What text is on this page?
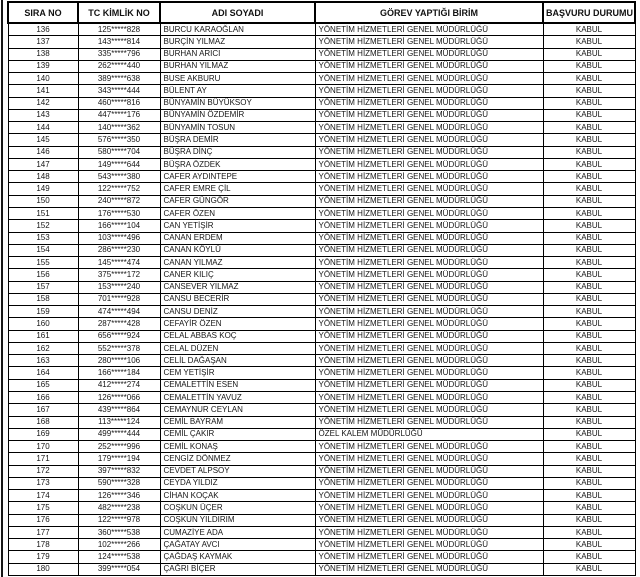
SIRA NO	TC KİMLİK NO	ADI SOYADI	GÖREV YAPTIĞI BİRİM	BAŞVURU DURUMU
136	125*****828	BURCU KARAOĞLAN	YÖNETİM HİZMETLERİ GENEL MÜDÜRLÜĞÜ	KABUL
137	143*****814	BURÇİN YILMAZ	YÖNETİM HİZMETLERİ GENEL MÜDÜRLÜĞÜ	KABUL
138	335*****796	BURHAN ARICI	YÖNETİM HİZMETLERİ GENEL MÜDÜRLÜĞÜ	KABUL
139	262*****440	BURHAN YILMAZ	YÖNETİM HİZMETLERİ GENEL MÜDÜRLÜĞÜ	KABUL
140	389*****638	BUSE AKBURU	YÖNETİM HİZMETLERİ GENEL MÜDÜRLÜĞÜ	KABUL
141	343*****444	BÜLENT AY	YÖNETİM HİZMETLERİ GENEL MÜDÜRLÜĞÜ	KABUL
142	460*****816	BÜNYAMİN BÜYÜKSOY	YÖNETİM HİZMETLERİ GENEL MÜDÜRLÜĞÜ	KABUL
143	447*****176	BÜNYAMİN ÖZDEMİR	YÖNETİM HİZMETLERİ GENEL MÜDÜRLÜĞÜ	KABUL
144	140*****362	BÜNYAMİN TOSUN	YÖNETİM HİZMETLERİ GENEL MÜDÜRLÜĞÜ	KABUL
145	576*****350	BÜŞRA DEMİR	YÖNETİM HİZMETLERİ GENEL MÜDÜRLÜĞÜ	KABUL
146	580*****704	BÜŞRA DİNÇ	YÖNETİM HİZMETLERİ GENEL MÜDÜRLÜĞÜ	KABUL
147	149*****644	BÜŞRA ÖZDEK	YÖNETİM HİZMETLERİ GENEL MÜDÜRLÜĞÜ	KABUL
148	543*****380	CAFER AYDINTEPE	YÖNETİM HİZMETLERİ GENEL MÜDÜRLÜĞÜ	KABUL
149	122*****752	CAFER EMRE ÇİL	YÖNETİM HİZMETLERİ GENEL MÜDÜRLÜĞÜ	KABUL
150	240*****872	CAFER GÜNGÖR	YÖNETİM HİZMETLERİ GENEL MÜDÜRLÜĞÜ	KABUL
151	176*****530	CAFER ÖZEN	YÖNETİM HİZMETLERİ GENEL MÜDÜRLÜĞÜ	KABUL
152	166*****104	CAN YETİŞİR	YÖNETİM HİZMETLERİ GENEL MÜDÜRLÜĞÜ	KABUL
153	103*****496	CANAN ERDEM	YÖNETİM HİZMETLERİ GENEL MÜDÜRLÜĞÜ	KABUL
154	286*****230	CANAN KÖYLÜ	YÖNETİM HİZMETLERİ GENEL MÜDÜRLÜĞÜ	KABUL
155	145*****474	CANAN YILMAZ	YÖNETİM HİZMETLERİ GENEL MÜDÜRLÜĞÜ	KABUL
156	375*****172	CANER KILIÇ	YÖNETİM HİZMETLERİ GENEL MÜDÜRLÜĞÜ	KABUL
157	153*****240	CANSEVER YILMAZ	YÖNETİM HİZMETLERİ GENEL MÜDÜRLÜĞÜ	KABUL
158	701*****928	CANSU BECERİR	YÖNETİM HİZMETLERİ GENEL MÜDÜRLÜĞÜ	KABUL
159	474*****494	CANSU DENİZ	YÖNETİM HİZMETLERİ GENEL MÜDÜRLÜĞÜ	KABUL
160	287*****428	CEFAYİR ÖZEN	YÖNETİM HİZMETLERİ GENEL MÜDÜRLÜĞÜ	KABUL
161	656*****924	CELAL ABBAS KOÇ	YÖNETİM HİZMETLERİ GENEL MÜDÜRLÜĞÜ	KABUL
162	552*****378	CELAL DÜZEN	YÖNETİM HİZMETLERİ GENEL MÜDÜRLÜĞÜ	KABUL
163	280*****106	CELİL DAĞAŞAN	YÖNETİM HİZMETLERİ GENEL MÜDÜRLÜĞÜ	KABUL
164	166*****184	CEM YETİŞİR	YÖNETİM HİZMETLERİ GENEL MÜDÜRLÜĞÜ	KABUL
165	412*****274	CEMALETTİN ESEN	YÖNETİM HİZMETLERİ GENEL MÜDÜRLÜĞÜ	KABUL
166	126*****066	CEMALETTİN YAVUZ	YÖNETİM HİZMETLERİ GENEL MÜDÜRLÜĞÜ	KABUL
167	439*****864	CEMAYNUR CEYLAN	YÖNETİM HİZMETLERİ GENEL MÜDÜRLÜĞÜ	KABUL
168	113*****124	CEMİL BAYRAM	YÖNETİM HİZMETLERİ GENEL MÜDÜRLÜĞÜ	KABUL
169	499*****444	CEMİL ÇAKIR	ÖZEL KALEM MÜDÜRLÜĞÜ	KABUL
170	252*****996	CEMİL KONAŞ	YÖNETİM HİZMETLERİ GENEL MÜDÜRLÜĞÜ	KABUL
171	179*****194	CENGİZ DÖNMEZ	YÖNETİM HİZMETLERİ GENEL MÜDÜRLÜĞÜ	KABUL
172	397*****832	CEVDET ALPSOY	YÖNETİM HİZMETLERİ GENEL MÜDÜRLÜĞÜ	KABUL
173	590*****328	CEYDA YILDIZ	YÖNETİM HİZMETLERİ GENEL MÜDÜRLÜĞÜ	KABUL
174	126*****346	CİHAN KOÇAK	YÖNETİM HİZMETLERİ GENEL MÜDÜRLÜĞÜ	KABUL
175	482*****238	COŞKUN ÜÇER	YÖNETİM HİZMETLERİ GENEL MÜDÜRLÜĞÜ	KABUL
176	122*****978	COŞKUN YILDIRIM	YÖNETİM HİZMETLERİ GENEL MÜDÜRLÜĞÜ	KABUL
177	360*****538	CUMAZİYE ADA	YÖNETİM HİZMETLERİ GENEL MÜDÜRLÜĞÜ	KABUL
178	102*****266	ÇAĞATAY AVCI	YÖNETİM HİZMETLERİ GENEL MÜDÜRLÜĞÜ	KABUL
179	124*****538	ÇAĞDAŞ KAYMAK	YÖNETİM HİZMETLERİ GENEL MÜDÜRLÜĞÜ	KABUL
180	399*****054	ÇAĞRI BİÇER	YÖNETİM HİZMETLERİ GENEL MÜDÜRLÜĞÜ	KABUL
